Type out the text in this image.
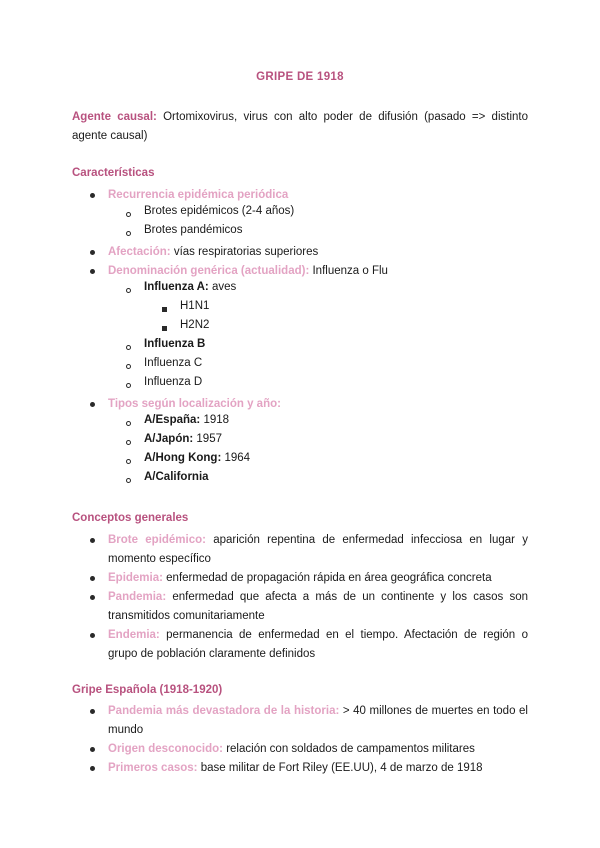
GRIPE DE 1918
Agente causal: Ortomixovirus, virus con alto poder de difusión (pasado => distinto agente causal)
Características
Recurrencia epidémica periódica
Brotes epidémicos (2-4 años)
Brotes pandémicos
Afectación: vías respiratorias superiores
Denominación genérica (actualidad): Influenza o Flu
Influenza A: aves
H1N1
H2N2
Influenza B
Influenza C
Influenza D
Tipos según localización y año:
A/España: 1918
A/Japón: 1957
A/Hong Kong: 1964
A/California
Conceptos generales
Brote epidémico: aparición repentina de enfermedad infecciosa en lugar y momento específico
Epidemia: enfermedad de propagación rápida en área geográfica concreta
Pandemia: enfermedad que afecta a más de un continente y los casos son transmitidos comunitariamente
Endemia: permanencia de enfermedad en el tiempo. Afectación de región o grupo de población claramente definidos
Gripe Española (1918-1920)
Pandemia más devastadora de la historia: > 40 millones de muertes en todo el mundo
Origen desconocido: relación con soldados de campamentos militares
Primeros casos: base militar de Fort Riley (EE.UU), 4 de marzo de 1918
